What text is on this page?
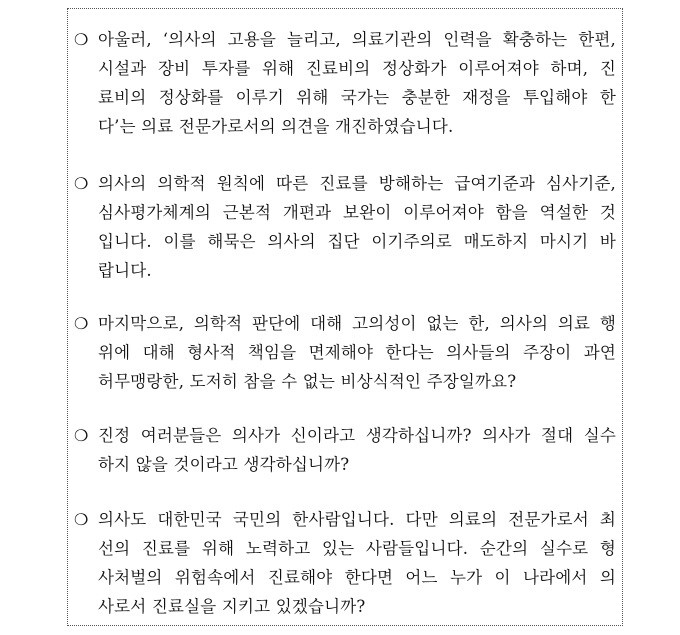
❍ 아울러, ‘의사의 고용을 늘리고, 의료기관의 인력을 확충하는 한편,
시설과 장비 투자를 위해 진료비의 정상화가 이루어져야 하며, 진
료비의 정상화를 이루기 위해 국가는 충분한 재정을 투입해야 한
다’는 의료 전문가로서의 의견을 개진하였습니다.
❍ 의사의 의학적 원칙에 따른 진료를 방해하는 급여기준과 심사기준,
심사평가체계의 근본적 개편과 보완이 이루어져야 함을 역설한 것
입니다. 이를 해묵은 의사의 집단 이기주의로 매도하지 마시기 바
랍니다.
❍ 마지막으로, 의학적 판단에 대해 고의성이 없는 한, 의사의 의료 행
위에 대해 형사적 책임을 면제해야 한다는 의사들의 주장이 과연
허무맹랑한, 도저히 참을 수 없는 비상식적인 주장일까요?
❍ 진정 여러분들은 의사가 신이라고 생각하십니까? 의사가 절대 실수
하지 않을 것이라고 생각하십니까?
❍ 의사도 대한민국 국민의 한사람입니다. 다만 의료의 전문가로서 최
선의 진료를 위해 노력하고 있는 사람들입니다. 순간의 실수로 형
사처벌의 위험속에서 진료해야 한다면 어느 누가 이 나라에서 의
사로서 진료실을 지키고 있겠습니까?
